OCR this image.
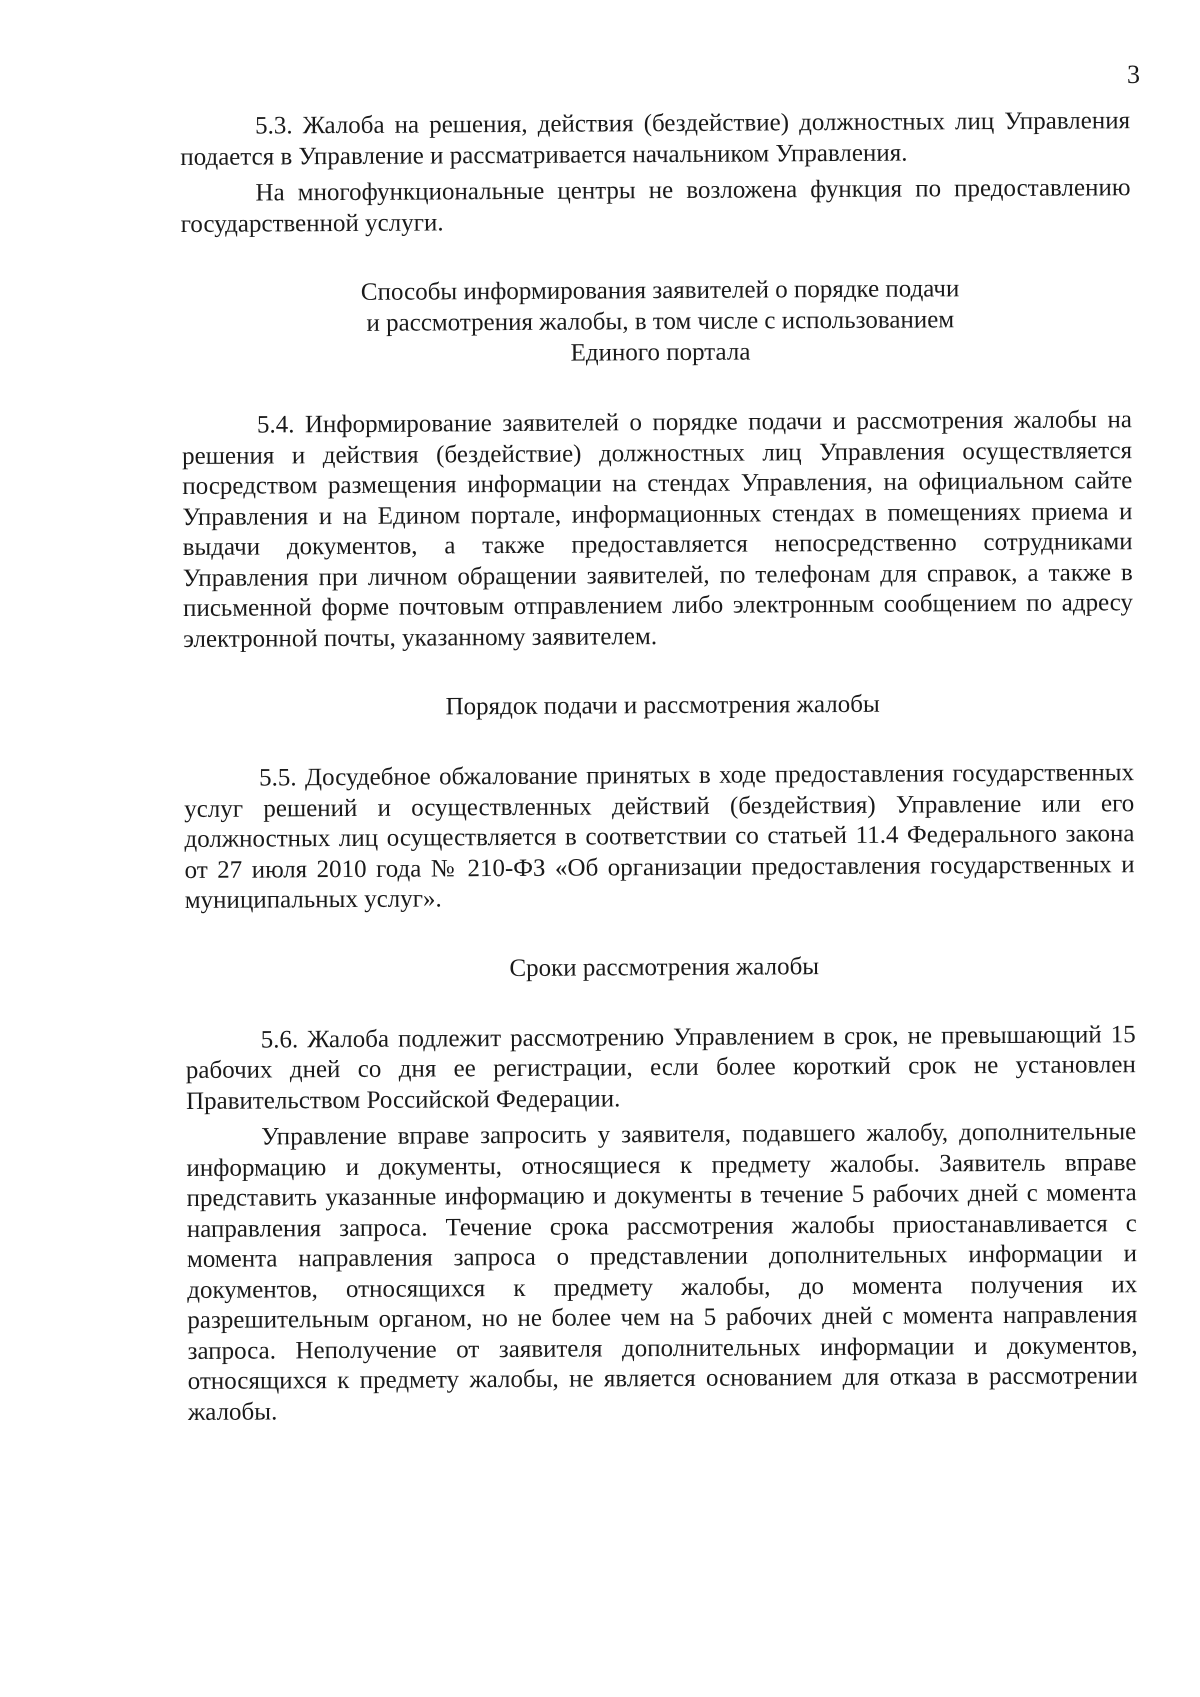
3

5.3. Жалоба на решения, действия (бездействие) должностных лиц Управления подается в Управление и рассматривается начальником Управления.

На многофункциональные центры не возложена функция по предоставлению государственной услуги.

Способы информирования заявителей о порядке подачи
и рассмотрения жалобы, в том числе с использованием
Единого портала

5.4. Информирование заявителей о порядке подачи и рассмотрения жалобы на решения и действия (бездействие) должностных лиц Управления осуществляется посредством размещения информации на стендах Управления, на официальном сайте Управления и на Едином портале, информационных стендах в помещениях приема и выдачи документов, а также предоставляется непосредственно сотрудниками Управления при личном обращении заявителей, по телефонам для справок, а также в письменной форме почтовым отправлением либо электронным сообщением по адресу электронной почты, указанному заявителем.

Порядок подачи и рассмотрения жалобы

5.5. Досудебное обжалование принятых в ходе предоставления государственных услуг решений и осуществленных действий (бездействия) Управление или его должностных лиц осуществляется в соответствии со статьей 11.4 Федерального закона от 27 июля 2010 года № 210-ФЗ «Об организации предоставления государственных и муниципальных услуг».

Сроки рассмотрения жалобы

5.6. Жалоба подлежит рассмотрению Управлением в срок, не превышающий 15 рабочих дней со дня ее регистрации, если более короткий срок не установлен Правительством Российской Федерации.

Управление вправе запросить у заявителя, подавшего жалобу, дополнительные информацию и документы, относящиеся к предмету жалобы. Заявитель вправе представить указанные информацию и документы в течение 5 рабочих дней с момента направления запроса. Течение срока рассмотрения жалобы приостанавливается с момента направления запроса о представлении дополнительных информации и документов, относящихся к предмету жалобы, до момента получения их разрешительным органом, но не более чем на 5 рабочих дней с момента направления запроса. Неполучение от заявителя дополнительных информации и документов, относящихся к предмету жалобы, не является основанием для отказа в рассмотрении жалобы.
